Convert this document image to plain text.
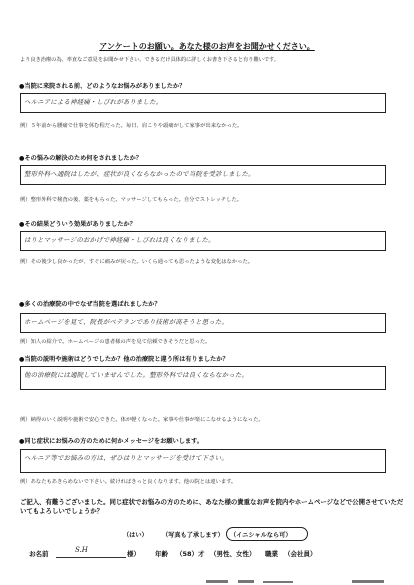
アンケートのお願い。あなた様のお声をお聞かせください。
より良き治療の為、率直なご意見をお聞かせ下さい。できるだけ具体的に詳しくお書き下さると有り難いです。
●当院に来院される前、どのようなお悩みがありましたか？
ヘルニアによる神経痛・しびれがありました。
例）５年前から腰痛で仕事を休む程だった。毎日、肩こりや頭痛がして家事が出来なかった。
●その悩みの解決のため何をされましたか？
整形外科へ通院はしたが、症状が良くならなかったので当院を受診しました。
例）整形外科で検査の後、薬をもらった。マッサージしてもらった。自分でストレッチした。
●その結果どういう効果がありましたか？
はりとマッサージのおかげで神経痛・しびれは良くなりました。
例）その後少し良かったが、すぐに痛みが戻った。いくら通っても思ったような変化はなかった。
●多くの治療院の中でなぜ当院を選ばれましたか？
ホームページを見て、院長がベテランであり技術が高そうと思った。
例）知人の紹介で。ホームページの患者様の声を見て信頼できそうだと思った。
●当院の説明や施術はどうでしたか？他の治療院と違う所は有りましたか？
他の治療院には通院していませんでした。整形外科では良くならなかった。
例）納得のいく説明や施術で安心できた。体が軽くなった。家事や仕事が楽にこなせるようになった。
●同じ症状にお悩みの方のために何かメッセージをお願いします。
ヘルニア等でお悩みの方は、ぜひはりとマッサージを受けて下さい。
例）あなたもあきらめないで下さい。続ければきっと良くなります。他の院とは違います。
ご記入、有難うございました。同じ症状でお悩みの方のために、あなた様の貴重なお声を院内やホームページなどで公開させていただいてもよろしいでしょうか？
（はい） （写真も了承します） （イニシャルなら可）
お名前	S.H	様） 年齢 （58）才 （男性、女性） 職業 （会社員）
